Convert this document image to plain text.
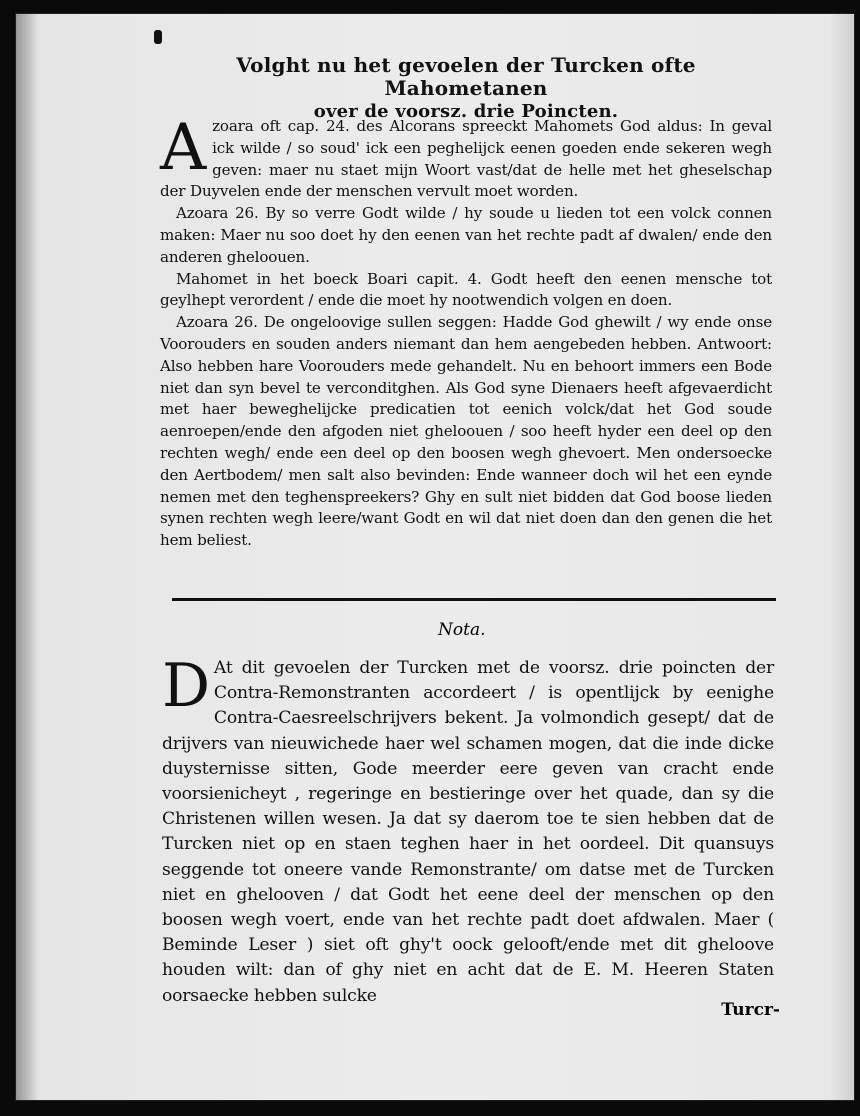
Volght nu het gevoelen der Turcken ofte Mahometanen
over de voorsz. drie Poincten.

A zoara oft cap. 24. des Alcorans spreeckt Mahomets God aldus: In geval ick wilde / so soud' ick een peghelijck eenen goeden ende sekeren wegh geven: maer nu staet mijn Woort vast/dat de helle met het gheselschap der Duyvelen ende der menschen vervult moet worden.

Azoara 26. By so verre Godt wilde / hy soude u lieden tot een volck connen maken: Maer nu soo doet hy den eenen van het rechte padt af dwalen/ ende den anderen gheloouen.

Mahomet in het boeck Boari capit. 4. Godt heeft den eenen mensche tot geylhept verordent / ende die moet hy nootwendich volgen en doen.

Azoara 26. De ongeloovige sullen seggen: Hadde God ghewilt / wy ende onse Voorouders en souden anders niemant dan hem aengebeden hebben. Antwoort: Also hebben hare Voorouders mede gehandelt. Nu en behoort immers een Bode niet dan syn bevel te verconditghen. Als God syne Dienaers heeft afgevaerdicht met haer beweghelijcke predicatien tot eenich volck/dat het God soude aenroepen/ende den afgoden niet gheloouen / soo heeft hyder een deel op den rechten wegh/ ende een deel op den boosen wegh ghevoert. Men ondersoecke den Aertbodem/ men salt also bevinden: Ende wanneer doch wil het een eynde nemen met den teghenspreekers? Ghy en sult niet bidden dat God boose lieden synen rechten wegh leere/want Godt en wil dat niet doen dan den genen die het hem beliest.

Nota.
D At dit gevoelen der Turcken met de voorsz. drie poincten der Contra-Remonstranten accordeert / is opentlijck by eenighe Contra-Caesreelschrijvers bekent. Ja volmondich gesept/ dat de drijvers van nieuwichede haer wel schamen mogen, dat die inde dicke duysternisse sitten, Gode meerder eere geven van cracht ende voorsienicheyt , regeringe en bestieringe over het quade, dan sy die Christenen willen wesen. Ja dat sy daerom toe te sien hebben dat de Turcken niet op en staen teghen haer in het oordeel. Dit quansuys seggende tot oneere vande Remonstrante/ om datse met de Turcken niet en ghelooven / dat Godt het eene deel der menschen op den boosen wegh voert, ende van het rechte padt doet afdwalen. Maer ( Beminde Leser ) siet oft ghy't oock gelooft/ende met dit gheloove houden wilt: dan of ghy niet en acht dat de E. M. Heeren Staten oorsaecke hebben sulcke
Turcr-
